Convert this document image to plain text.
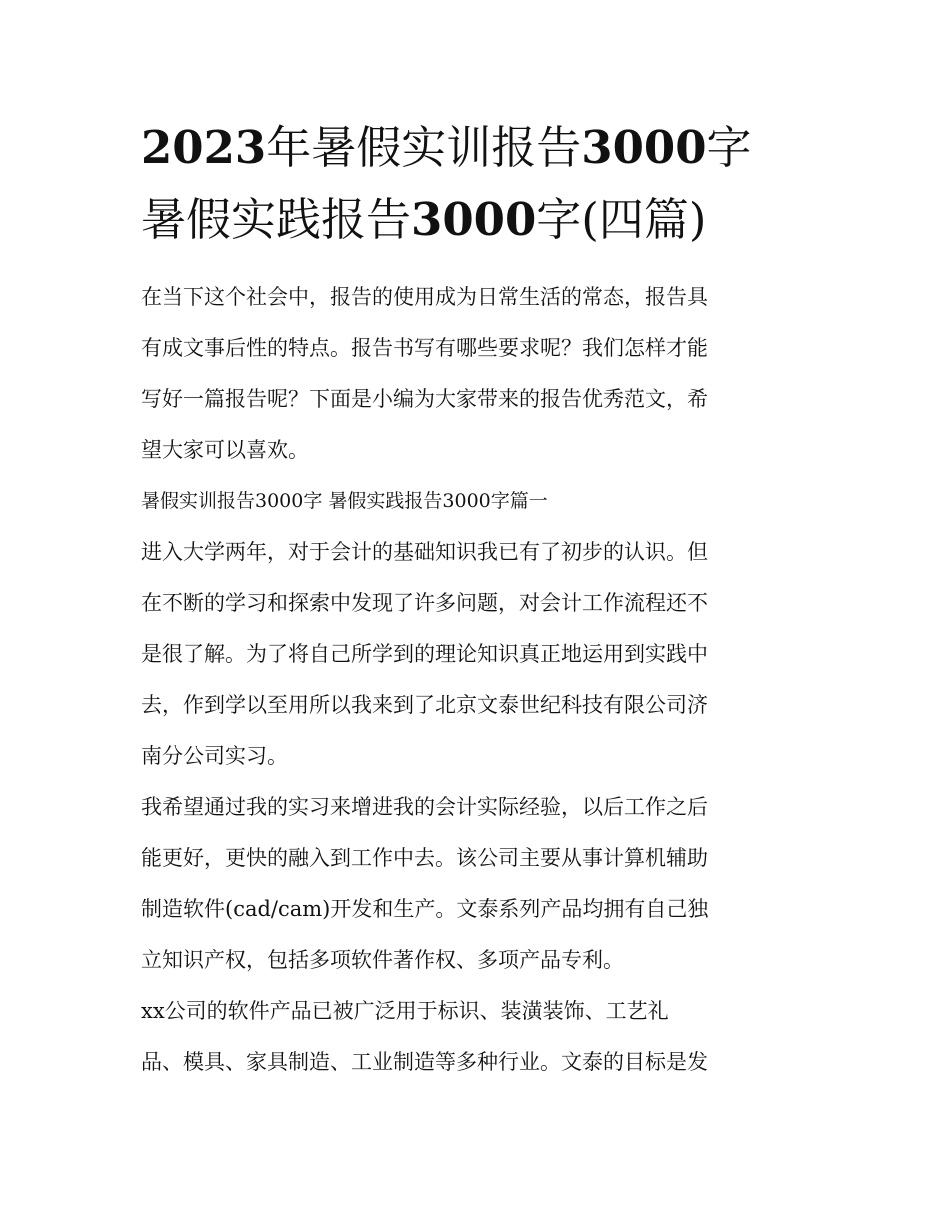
2023年暑假实训报告3000字
暑假实践报告3000字(四篇)
在当下这个社会中，报告的使用成为日常生活的常态，报告具
有成文事后性的特点。报告书写有哪些要求呢？我们怎样才能
写好一篇报告呢？下面是小编为大家带来的报告优秀范文，希
望大家可以喜欢。
暑假实训报告3000字 暑假实践报告3000字篇一
进入大学两年，对于会计的基础知识我已有了初步的认识。但
在不断的学习和探索中发现了许多问题，对会计工作流程还不
是很了解。为了将自己所学到的理论知识真正地运用到实践中
去，作到学以至用所以我来到了北京文泰世纪科技有限公司济
南分公司实习。
我希望通过我的实习来增进我的会计实际经验，以后工作之后
能更好，更快的融入到工作中去。该公司主要从事计算机辅助
制造软件(cad/cam)开发和生产。文泰系列产品均拥有自己独
立知识产权，包括多项软件著作权、多项产品专利。
xx公司的软件产品已被广泛用于标识、装潢装饰、工艺礼
品、模具、家具制造、工业制造等多种行业。文泰的目标是发
